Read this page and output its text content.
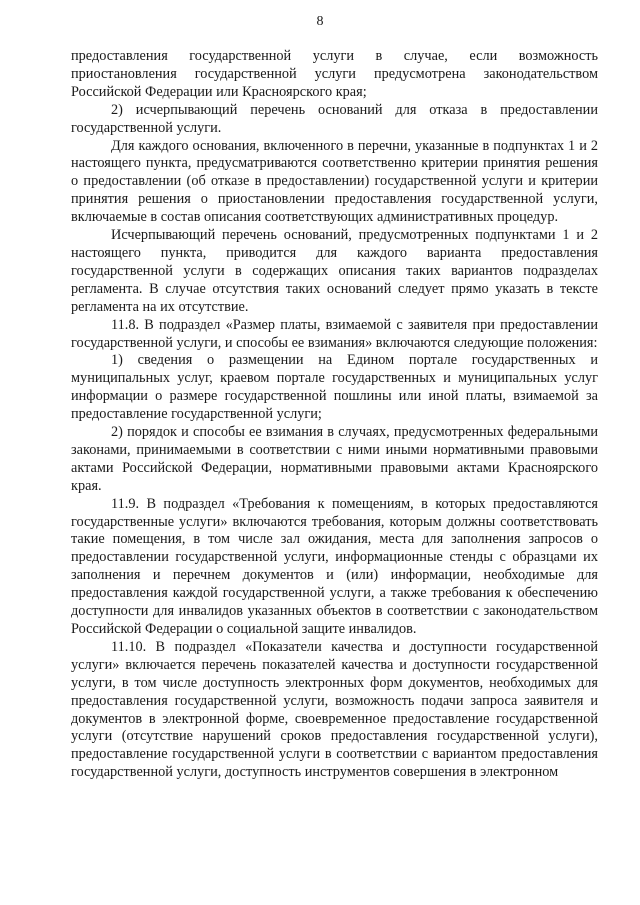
8

предоставления государственной услуги в случае, если возможность приостановления государственной услуги предусмотрена законодательством Российской Федерации или Красноярского края;

2) исчерпывающий перечень оснований для отказа в предоставлении государственной услуги.

Для каждого основания, включенного в перечни, указанные в подпунктах 1 и 2 настоящего пункта, предусматриваются соответственно критерии принятия решения о предоставлении (об отказе в предоставлении) государственной услуги и критерии принятия решения о приостановлении предоставления государственной услуги, включаемые в состав описания соответствующих административных процедур.

Исчерпывающий перечень оснований, предусмотренных подпунктами 1 и 2 настоящего пункта, приводится для каждого варианта предоставления государственной услуги в содержащих описания таких вариантов подразделах регламента. В случае отсутствия таких оснований следует прямо указать в тексте регламента на их отсутствие.

11.8. В подраздел «Размер платы, взимаемой с заявителя при предоставлении государственной услуги, и способы ее взимания» включаются следующие положения:

1) сведения о размещении на Едином портале государственных и муниципальных услуг, краевом портале государственных и муниципальных услуг информации о размере государственной пошлины или иной платы, взимаемой за предоставление государственной услуги;

2) порядок и способы ее взимания в случаях, предусмотренных федеральными законами, принимаемыми в соответствии с ними иными нормативными правовыми актами Российской Федерации, нормативными правовыми актами Красноярского края.

11.9. В подраздел «Требования к помещениям, в которых предоставляются государственные услуги» включаются требования, которым должны соответствовать такие помещения, в том числе зал ожидания, места для заполнения запросов о предоставлении государственной услуги, информационные стенды с образцами их заполнения и перечнем документов и (или) информации, необходимые для предоставления каждой государственной услуги, а также требования к обеспечению доступности для инвалидов указанных объектов в соответствии с законодательством Российской Федерации о социальной защите инвалидов.

11.10. В подраздел «Показатели качества и доступности государственной услуги» включается перечень показателей качества и доступности государственной услуги, в том числе доступность электронных форм документов, необходимых для предоставления государственной услуги, возможность подачи запроса заявителя и документов в электронной форме, своевременное предоставление государственной услуги (отсутствие нарушений сроков предоставления государственной услуги), предоставление государственной услуги в соответствии с вариантом предоставления государственной услуги, доступность инструментов совершения в электронном
